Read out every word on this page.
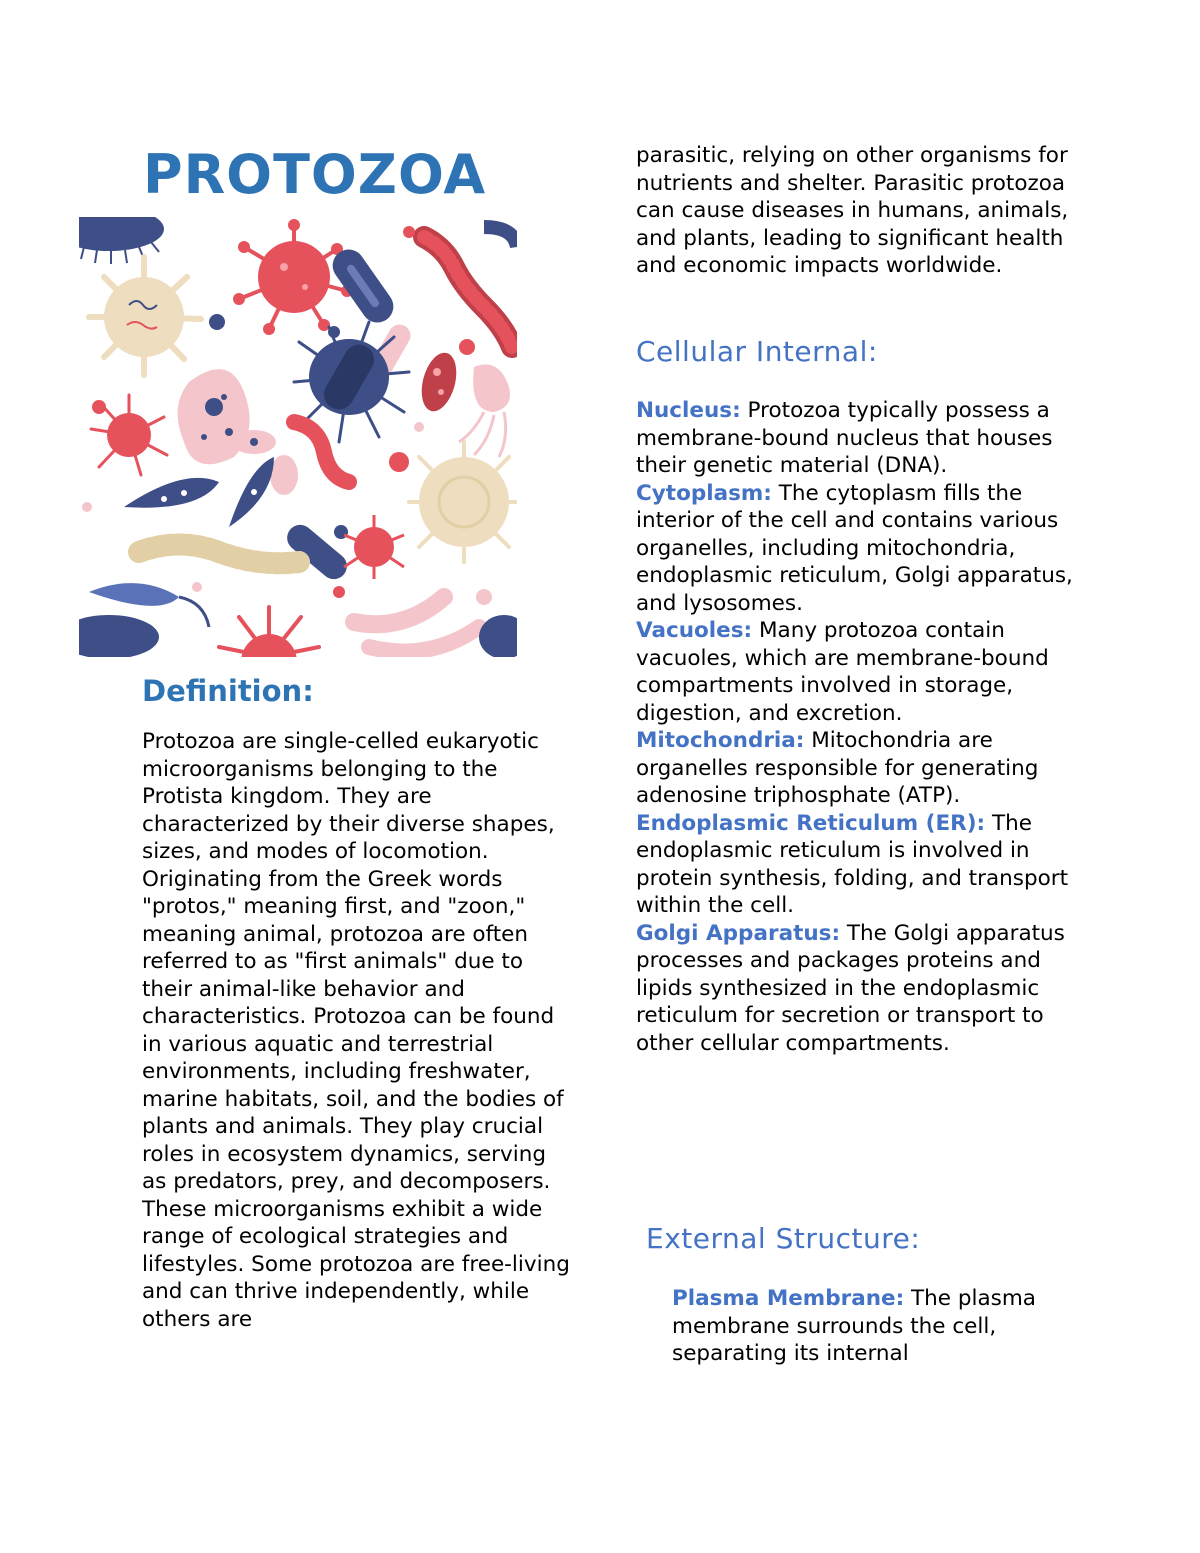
PROTOZOA
Definition:

Protozoa are single-celled eukaryotic microorganisms belonging to the Protista kingdom. They are characterized by their diverse shapes, sizes, and modes of locomotion. Originating from the Greek words "protos," meaning first, and "zoon," meaning animal, protozoa are often referred to as "first animals" due to their animal-like behavior and characteristics. Protozoa can be found in various aquatic and terrestrial environments, including freshwater, marine habitats, soil, and the bodies of plants and animals. They play crucial roles in ecosystem dynamics, serving as predators, prey, and decomposers. These microorganisms exhibit a wide range of ecological strategies and lifestyles. Some protozoa are free-living and can thrive independently, while others are

parasitic, relying on other organisms for nutrients and shelter. Parasitic protozoa can cause diseases in humans, animals, and plants, leading to significant health and economic impacts worldwide.

Cellular Internal:

Nucleus: Protozoa typically possess a membrane-bound nucleus that houses their genetic material (DNA).

Cytoplasm: The cytoplasm fills the interior of the cell and contains various organelles, including mitochondria, endoplasmic reticulum, Golgi apparatus, and lysosomes.

Vacuoles: Many protozoa contain vacuoles, which are membrane-bound compartments involved in storage, digestion, and excretion.

Mitochondria: Mitochondria are organelles responsible for generating adenosine triphosphate (ATP).

Endoplasmic Reticulum (ER): The endoplasmic reticulum is involved in protein synthesis, folding, and transport within the cell.

Golgi Apparatus: The Golgi apparatus processes and packages proteins and lipids synthesized in the endoplasmic reticulum for secretion or transport to other cellular compartments.

External Structure:

Plasma Membrane: The plasma membrane surrounds the cell, separating its internal
